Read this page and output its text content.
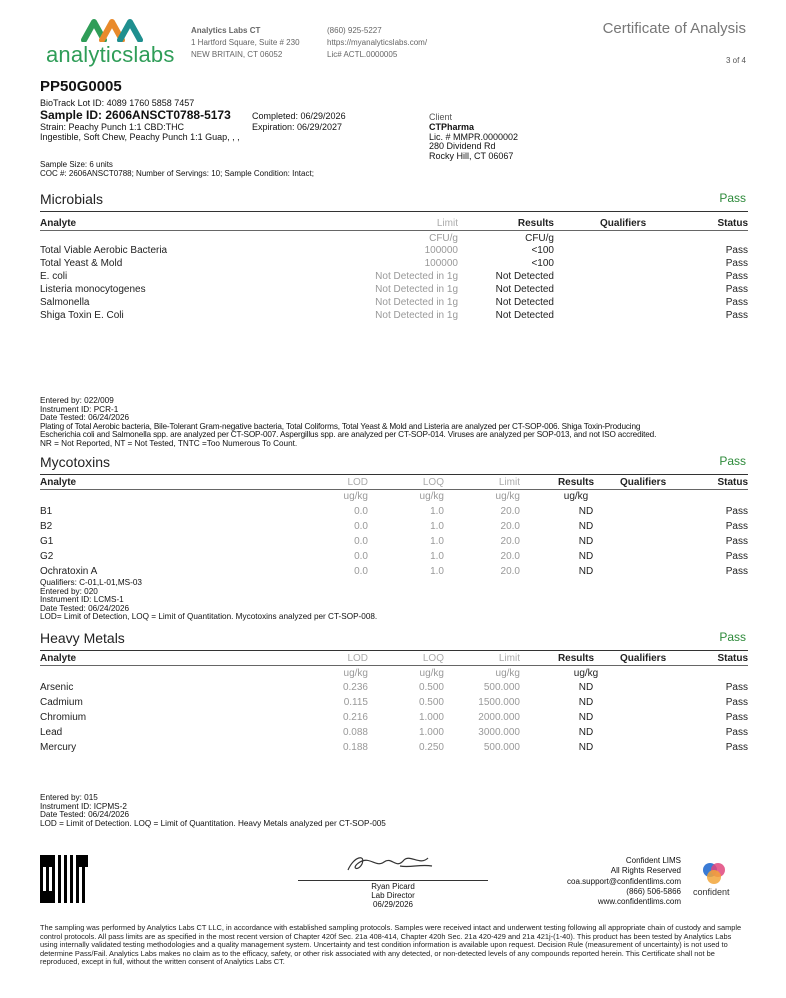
analyticslabs
Analytics Labs CT
1 Hartford Square, Suite # 230
NEW BRITAIN, CT 06052
(860) 925-5227
https://myanalyticslabs.com/
Lic# ACTL.0000005
Certificate of Analysis
3 of 4
PP50G0005
BioTrack Lot ID: 4089 1760 5858 7457
Sample ID: 2606ANSCT0788-5173
Strain: Peachy Punch 1:1 CBD:THC
Ingestible, Soft Chew, Peachy Punch 1:1 Guap, , ,
Completed: 06/29/2026
Expiration: 06/29/2027
Sample Size: 6 units
COC #: 2606ANSCT0788; Number of Servings: 10; Sample Condition: Intact;
Client
CTPharma
Lic. # MMPR.0000002
280 Dividend Rd
Rocky Hill, CT 06067
Microbials	Pass
Analyte	Limit	Results	Qualifiers	Status
CFU/g	CFU/g
Total Viable Aerobic Bacteria	100000	<100	Pass
Total Yeast & Mold	100000	<100	Pass
E. coli	Not Detected in 1g	Not Detected	Pass
Listeria monocytogenes	Not Detected in 1g	Not Detected	Pass
Salmonella	Not Detected in 1g	Not Detected	Pass
Shiga Toxin E. Coli	Not Detected in 1g	Not Detected	Pass
Entered by: 022/009
Instrument ID: PCR-1
Date Tested: 06/24/2026
Plating of Total Aerobic bacteria, Bile-Tolerant Gram-negative bacteria, Total Coliforms, Total Yeast & Mold and Listeria are analyzed per CT-SOP-006. Shiga Toxin-Producing
Escherichia coli and Salmonella spp. are analyzed per CT-SOP-007. Aspergillus spp. are analyzed per CT-SOP-014. Viruses are analyzed per SOP-013, and not ISO accredited.
NR = Not Reported, NT = Not Tested, TNTC =Too Numerous To Count.
Mycotoxins	Pass
Analyte	LOD	LOQ	Limit	Results	Qualifiers	Status
ug/kg	ug/kg	ug/kg	ug/kg
B1	0.0	1.0	20.0	ND	Pass
B2	0.0	1.0	20.0	ND	Pass
G1	0.0	1.0	20.0	ND	Pass
G2	0.0	1.0	20.0	ND	Pass
Ochratoxin A	0.0	1.0	20.0	ND	Pass
Qualifiers: C-01,L-01,MS-03
Entered by: 020
Instrument ID: LCMS-1
Date Tested: 06/24/2026
LOD= Limit of Detection, LOQ = Limit of Quantitation. Mycotoxins analyzed per CT-SOP-008.
Heavy Metals	Pass
Analyte	LOD	LOQ	Limit	Results	Qualifiers	Status
ug/kg	ug/kg	ug/kg	ug/kg
Arsenic	0.236	0.500	500.000	ND	Pass
Cadmium	0.115	0.500	1500.000	ND	Pass
Chromium	0.216	1.000	2000.000	ND	Pass
Lead	0.088	1.000	3000.000	ND	Pass
Mercury	0.188	0.250	500.000	ND	Pass
Entered by: 015
Instrument ID: ICPMS-2
Date Tested: 06/24/2026
LOD = Limit of Detection. LOQ = Limit of Quantitation. Heavy Metals analyzed per CT-SOP-005
Ryan Picard
Lab Director
06/29/2026
Confident LIMS
All Rights Reserved
coa.support@confidentlims.com
(866) 506-5866
www.confidentlims.com
confident
The sampling was performed by Analytics Labs CT LLC, in accordance with established sampling protocols. Samples were received intact and underwent testing following all appropriate chain of custody and sample control protocols. All pass limits are as specified in the most recent version of Chapter 420f Sec. 21a 408-414, Chapter 420h Sec. 21a 420-429 and 21a 421j-(1-40). This product has been tested by Analytics Labs using internally validated testing methodologies and a quality management system. Uncertainty and test condition information is available upon request. Decision Rule (measurement of uncertainty) is not used to determine Pass/Fail. Analytics Labs makes no claim as to the efficacy, safety, or other risk associated with any detected, or non-detected levels of any compounds reported herein. This Certificate shall not be reproduced, except in full, without the written consent of Analytics Labs CT.
